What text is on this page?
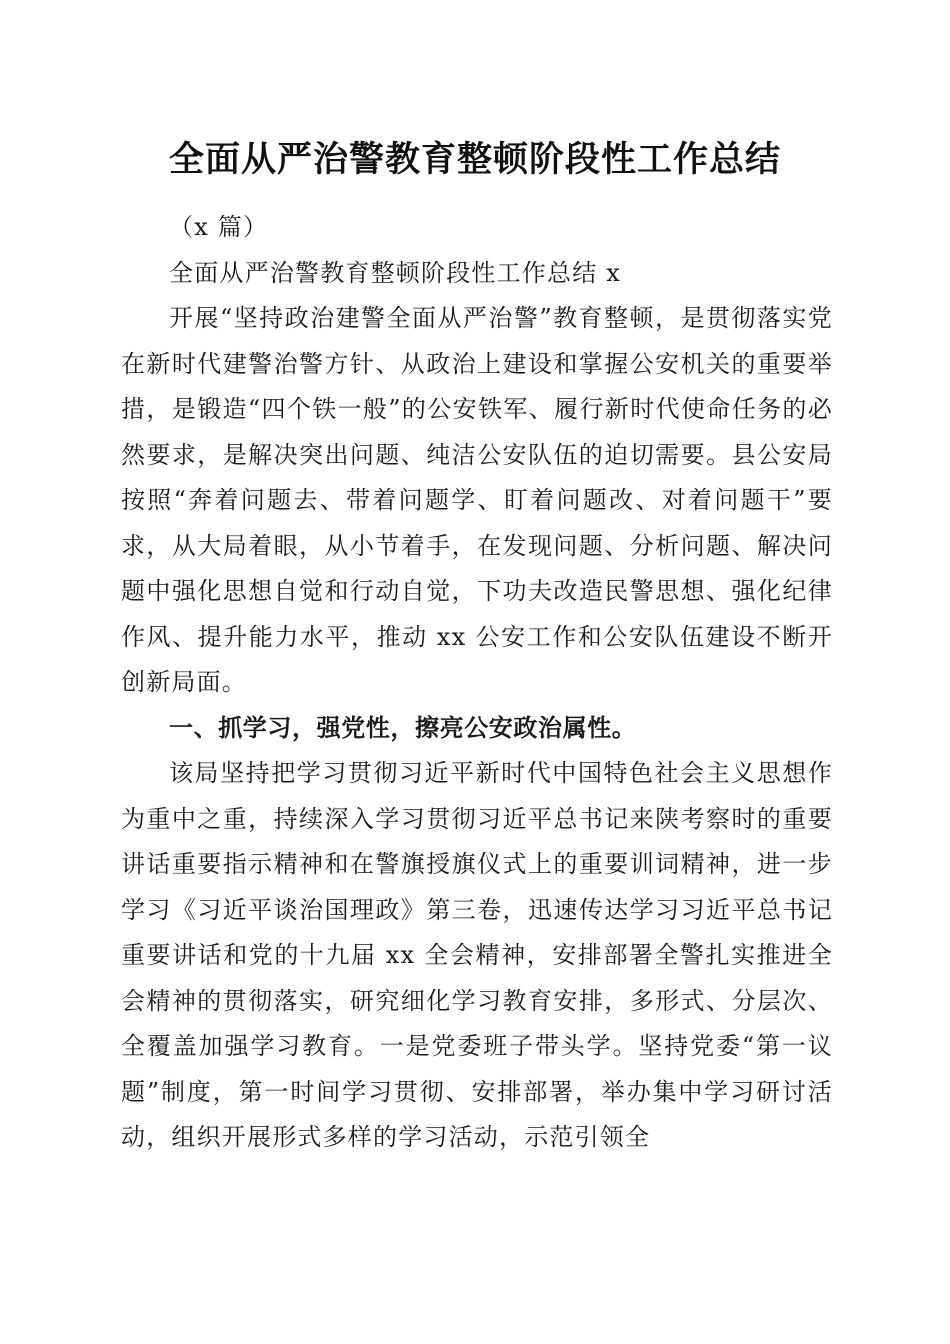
全面从严治警教育整顿阶段性工作总结

（x 篇）

全面从严治警教育整顿阶段性工作总结 x

开展“坚持政治建警全面从严治警”教育整顿，是贯彻落实党在新时代建警治警方针、从政治上建设和掌握公安机关的重要举措，是锻造“四个铁一般”的公安铁军、履行新时代使命任务的必然要求，是解决突出问题、纯洁公安队伍的迫切需要。县公安局按照“奔着问题去、带着问题学、盯着问题改、对着问题干”要求，从大局着眼，从小节着手，在发现问题、分析问题、解决问题中强化思想自觉和行动自觉，下功夫改造民警思想、强化纪律作风、提升能力水平，推动 xx 公安工作和公安队伍建设不断开创新局面。

一、抓学习，强党性，擦亮公安政治属性。

该局坚持把学习贯彻习近平新时代中国特色社会主义思想作为重中之重，持续深入学习贯彻习近平总书记来陕考察时的重要讲话重要指示精神和在警旗授旗仪式上的重要训词精神，进一步学习《习近平谈治国理政》第三卷，迅速传达学习习近平总书记重要讲话和党的十九届 xx 全会精神，安排部署全警扎实推进全会精神的贯彻落实，研究细化学习教育安排，多形式、分层次、全覆盖加强学习教育。一是党委班子带头学。坚持党委“第一议题”制度，第一时间学习贯彻、安排部署，举办集中学习研讨活动，组织开展形式多样的学习活动，示范引领全
